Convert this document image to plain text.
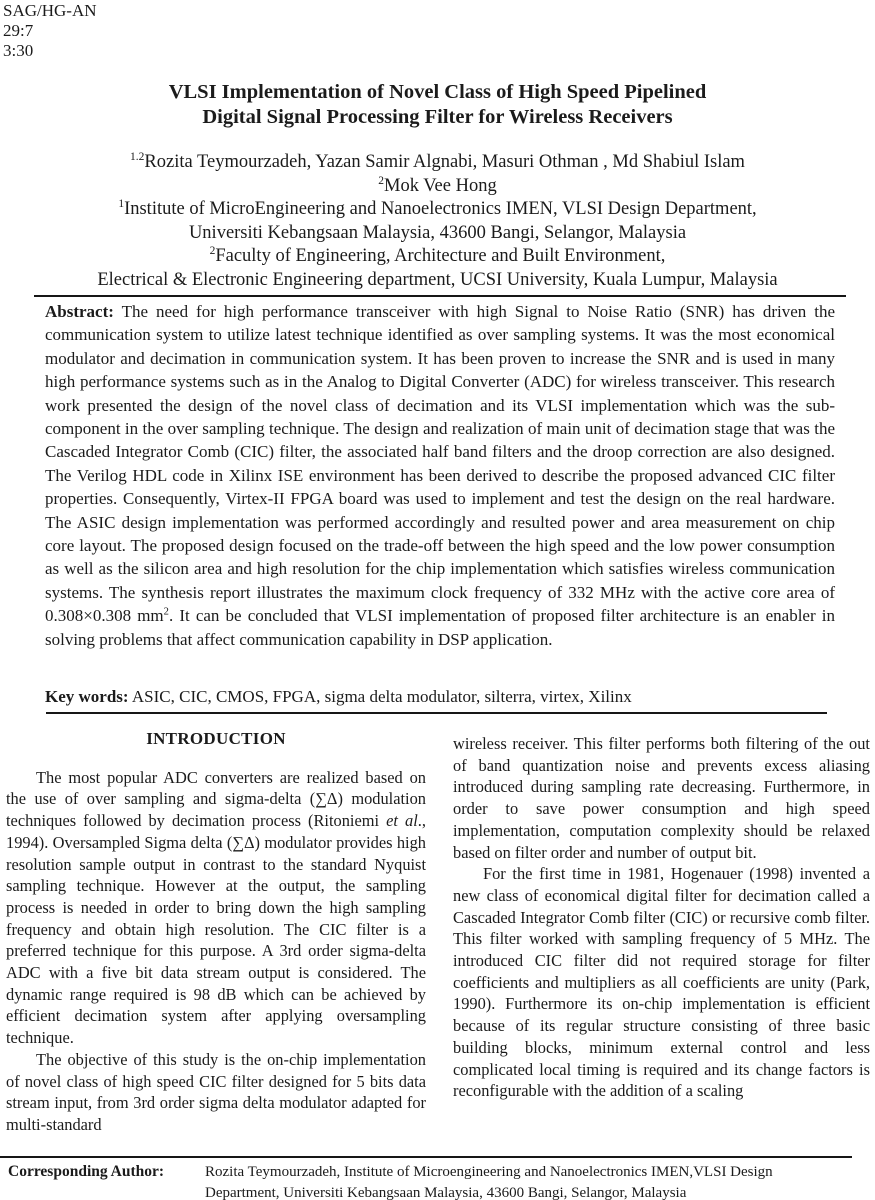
SAG/HG-AN
29:7
3:30
VLSI Implementation of Novel Class of High Speed Pipelined
Digital Signal Processing Filter for Wireless Receivers
$^{1.2}$Rozita Teymourzadeh, Yazan Samir Algnabi, Masuri Othman , Md Shabiul Islam
$^2$Mok Vee Hong
$^1$Institute of MicroEngineering and Nanoelectronics IMEN, VLSI Design Department,
Universiti Kebangsaan Malaysia, 43600 Bangi, Selangor, Malaysia
$^2$Faculty of Engineering, Architecture and Built Environment,
Electrical & Electronic Engineering department, UCSI University, Kuala Lumpur, Malaysia
Abstract: The need for high performance transceiver with high Signal to Noise Ratio (SNR) has driven the communication system to utilize latest technique identified as over sampling systems. It was the most economical modulator and decimation in communication system. It has been proven to increase the SNR and is used in many high performance systems such as in the Analog to Digital Converter (ADC) for wireless transceiver. This research work presented the design of the novel class of decimation and its VLSI implementation which was the sub-component in the over sampling technique. The design and realization of main unit of decimation stage that was the Cascaded Integrator Comb (CIC) filter, the associated half band filters and the droop correction are also designed. The Verilog HDL code in Xilinx ISE environment has been derived to describe the proposed advanced CIC filter properties. Consequently, Virtex-II FPGA board was used to implement and test the design on the real hardware. The ASIC design implementation was performed accordingly and resulted power and area measurement on chip core layout. The proposed design focused on the trade-off between the high speed and the low power consumption as well as the silicon area and high resolution for the chip implementation which satisfies wireless communication systems. The synthesis report illustrates the maximum clock frequency of 332 MHz with the active core area of 0.308×0.308 $mm^2$. It can be concluded that VLSI implementation of proposed filter architecture is an enabler in solving problems that affect communication capability in DSP application.
Key words: ASIC, CIC, CMOS, FPGA, sigma delta modulator, silterra, virtex, Xilinx
INTRODUCTION

The most popular ADC converters are realized based on the use of over sampling and sigma-delta (∑Δ) modulation techniques followed by decimation process (Ritoniemi et al., 1994). Oversampled Sigma delta (∑Δ) modulator provides high resolution sample output in contrast to the standard Nyquist sampling technique. However at the output, the sampling process is needed in order to bring down the high sampling frequency and obtain high resolution. The CIC filter is a preferred technique for this purpose. A 3rd order sigma-delta ADC with a five bit data stream output is considered. The dynamic range required is 98 dB which can be achieved by efficient decimation system after applying oversampling technique.

The objective of this study is the on-chip implementation of novel class of high speed CIC filter designed for 5 bits data stream input, from 3rd order sigma delta modulator adapted for multi-standard

wireless receiver. This filter performs both filtering of the out of band quantization noise and prevents excess aliasing introduced during sampling rate decreasing. Furthermore, in order to save power consumption and high speed implementation, computation complexity should be relaxed based on filter order and number of output bit.

For the first time in 1981, Hogenauer (1998) invented a new class of economical digital filter for decimation called a Cascaded Integrator Comb filter (CIC) or recursive comb filter. This filter worked with sampling frequency of 5 MHz. The introduced CIC filter did not required storage for filter coefficients and multipliers as all coefficients are unity (Park, 1990). Furthermore its on-chip implementation is efficient because of its regular structure consisting of three basic building blocks, minimum external control and less complicated local timing is required and its change factors is reconfigurable with the addition of a scaling

Corresponding Author:	Rozita Teymourzadeh, Institute of Microengineering and Nanoelectronics IMEN,VLSI Design
Department, Universiti Kebangsaan Malaysia, 43600 Bangi, Selangor, Malaysia
